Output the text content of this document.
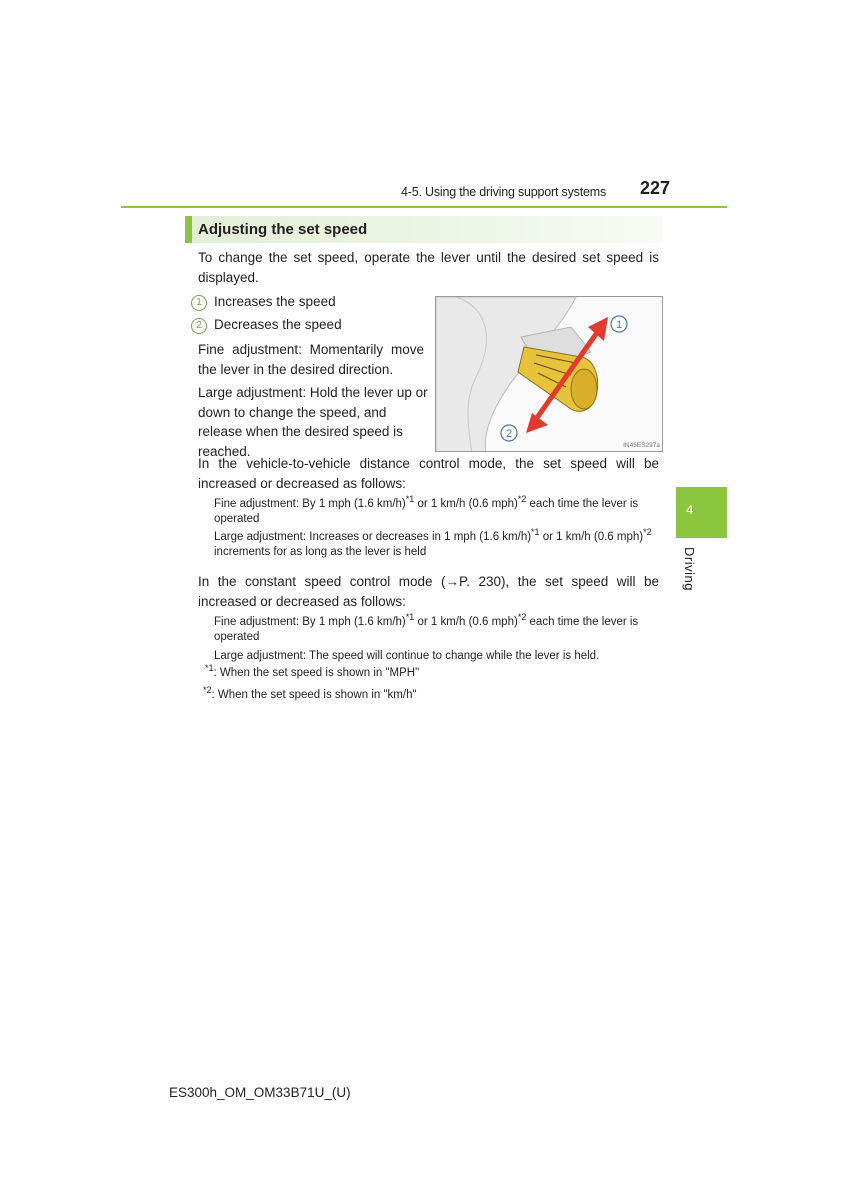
4-5. Using the driving support systems	227
Adjusting the set speed
To change the set speed, operate the lever until the desired set speed is displayed.
1 Increases the speed
2 Decreases the speed
Fine adjustment: Momentarily move the lever in the desired direction.
Large adjustment: Hold the lever up or down to change the speed, and release when the desired speed is reached.
1
2
IN45ES297a
In the vehicle-to-vehicle distance control mode, the set speed will be increased or decreased as follows:
Fine adjustment: By 1 mph (1.6 km/h)$^{*1}$ or 1 km/h (0.6 mph)$^{*2}$ each time the lever is operated
Large adjustment: Increases or decreases in 1 mph (1.6 km/h)$^{*1}$ or 1 km/h (0.6 mph)$^{*2}$ increments for as long as the lever is held
In the constant speed control mode (→P. 230), the set speed will be increased or decreased as follows:
Fine adjustment: By 1 mph (1.6 km/h)$^{*1}$ or 1 km/h (0.6 mph)$^{*2}$ each time the lever is operated
Large adjustment: The speed will continue to change while the lever is held.
$^{*1}$: When the set speed is shown in "MPH"
$^{*2}$: When the set speed is shown in "km/h"
4
Driving
ES300h_OM_OM33B71U_(U)
